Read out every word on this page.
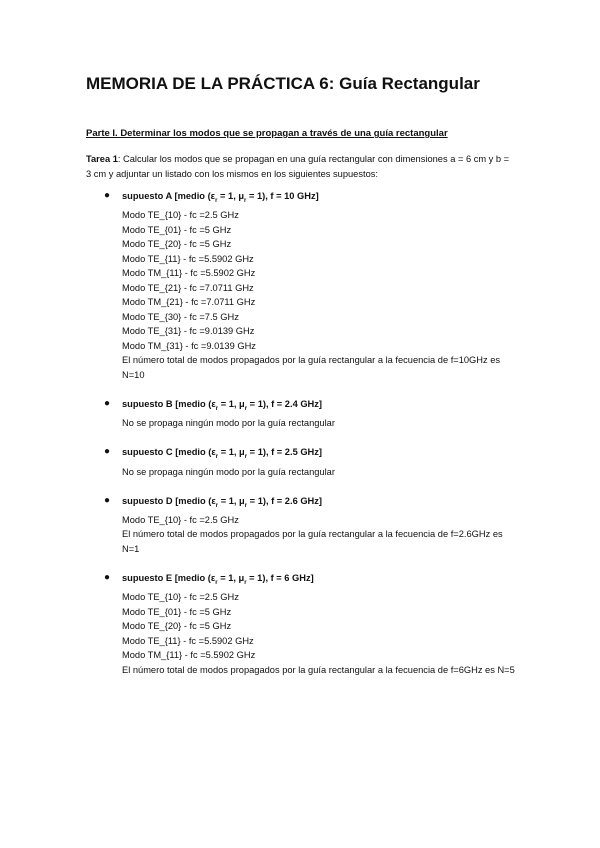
MEMORIA DE LA PRÁCTICA 6: Guía Rectangular
Parte I. Determinar los modos que se propagan a través de una guía rectangular
Tarea 1: Calcular los modos que se propagan en una guía rectangular con dimensiones a = 6 cm y b = 3 cm y adjuntar un listado con los mismos en los siguientes supuestos:
● supuesto A [medio ($\varepsilon_r = 1$, $\mu_r = 1$), f = 10 GHz]
Modo TE_{10} - fc =2.5 GHz
Modo TE_{01} - fc =5 GHz
Modo TE_{20} - fc =5 GHz
Modo TE_{11} - fc =5.5902 GHz
Modo TM_{11} - fc =5.5902 GHz
Modo TE_{21} - fc =7.0711 GHz
Modo TM_{21} - fc =7.0711 GHz
Modo TE_{30} - fc =7.5 GHz
Modo TE_{31} - fc =9.0139 GHz
Modo TM_{31} - fc =9.0139 GHz
El número total de modos propagados por la guía rectangular a la fecuencia de f=10GHz es N=10
● supuesto B [medio ($\varepsilon_r = 1$, $\mu_r = 1$), f = 2.4 GHz]
No se propaga ningún modo por la guía rectangular
● supuesto C [medio ($\varepsilon_r = 1$, $\mu_r = 1$), f = 2.5 GHz]
No se propaga ningún modo por la guía rectangular
● supuesto D [medio ($\varepsilon_r = 1$, $\mu_r = 1$), f = 2.6 GHz]
Modo TE_{10} - fc =2.5 GHz
El número total de modos propagados por la guía rectangular a la fecuencia de f=2.6GHz es N=1
● supuesto E [medio ($\varepsilon_r = 1$, $\mu_r = 1$), f = 6 GHz]
Modo TE_{10} - fc =2.5 GHz
Modo TE_{01} - fc =5 GHz
Modo TE_{20} - fc =5 GHz
Modo TE_{11} - fc =5.5902 GHz
Modo TM_{11} - fc =5.5902 GHz
El número total de modos propagados por la guía rectangular a la fecuencia de f=6GHz es N=5
